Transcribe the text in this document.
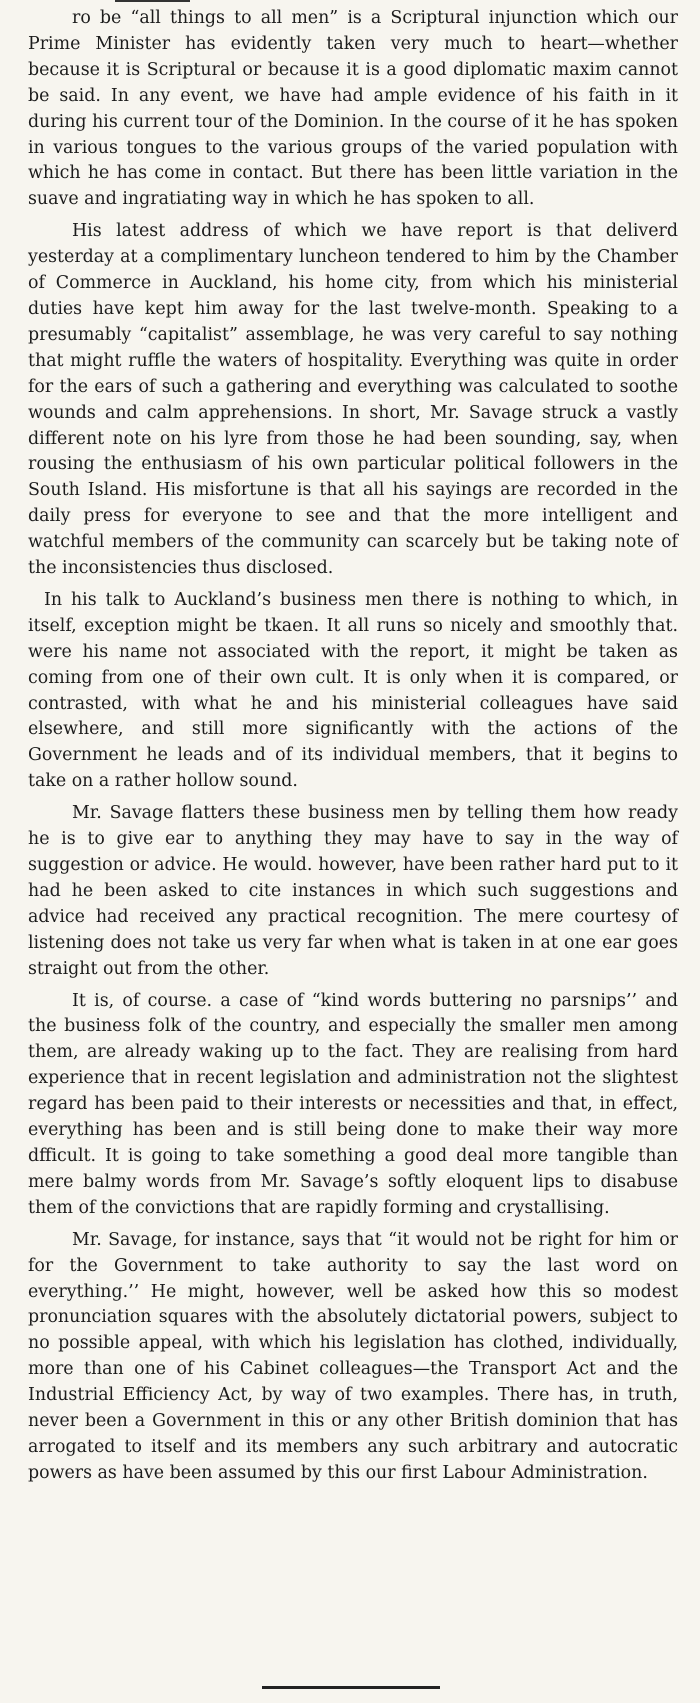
ro be “all things to all men” is a Scriptural injunction which our Prime Minister has evidently taken very much to heart—whether because it is Scriptural or because it is a good diplomatic maxim cannot be said. In any event, we have had ample evidence of his faith in it during his current tour of the Dominion. In the course of it he has spoken in various tongues to the various groups of the varied population with which he has come in contact. But there has been little variation in the suave and ingratiating way in which he has spoken to all.

His latest address of which we have report is that deliverd yesterday at a complimentary luncheon tendered to him by the Chamber of Commerce in Auckland, his home city, from which his ministerial duties have kept him away for the last twelve-month. Speaking to a presumably “capitalist” assemblage, he was very careful to say nothing that might ruffle the waters of hospitality. Everything was quite in order for the ears of such a gathering and everything was calculated to soothe wounds and calm apprehensions. In short, Mr. Savage struck a vastly different note on his lyre from those he had been sounding, say, when rousing the enthusiasm of his own particular political followers in the South Island. His misfortune is that all his sayings are recorded in the daily press for everyone to see and that the more intelligent and watchful members of the community can scarcely but be taking note of the inconsistencies thus disclosed.

In his talk to Auckland’s business men there is nothing to which, in itself, exception might be tkaen. It all runs so nicely and smoothly that. were his name not associated with the report, it might be taken as coming from one of their own cult. It is only when it is compared, or contrasted, with what he and his ministerial colleagues have said elsewhere, and still more significantly with the actions of the Government he leads and of its individual members, that it begins to take on a rather hollow sound.

Mr. Savage flatters these business men by telling them how ready he is to give ear to anything they may have to say in the way of suggestion or advice. He would. however, have been rather hard put to it had he been asked to cite instances in which such suggestions and advice had received any practical recognition. The mere courtesy of listening does not take us very far when what is taken in at one ear goes straight out from the other.

It is, of course. a case of “kind words buttering no parsnips’’ and the business folk of the country, and especially the smaller men among them, are already waking up to the fact. They are realising from hard experience that in recent legislation and administration not the slightest regard has been paid to their interests or necessities and that, in effect, everything has been and is still being done to make their way more dfficult. It is going to take something a good deal more tangible than mere balmy words from Mr. Savage’s softly eloquent lips to disabuse them of the convictions that are rapidly forming and crystallising.

Mr. Savage, for instance, says that “it would not be right for him or for the Government to take authority to say the last word on everything.’’ He might, however, well be asked how this so modest pronunciation squares with the absolutely dictatorial powers, subject to no possible appeal, with which his legislation has clothed, individually, more than one of his Cabinet colleagues—the Transport Act and the Industrial Efficiency Act, by way of two examples. There has, in truth, never been a Government in this or any other British dominion that has arrogated to itself and its members any such arbitrary and autocratic powers as have been assumed by this our first Labour Administration.
